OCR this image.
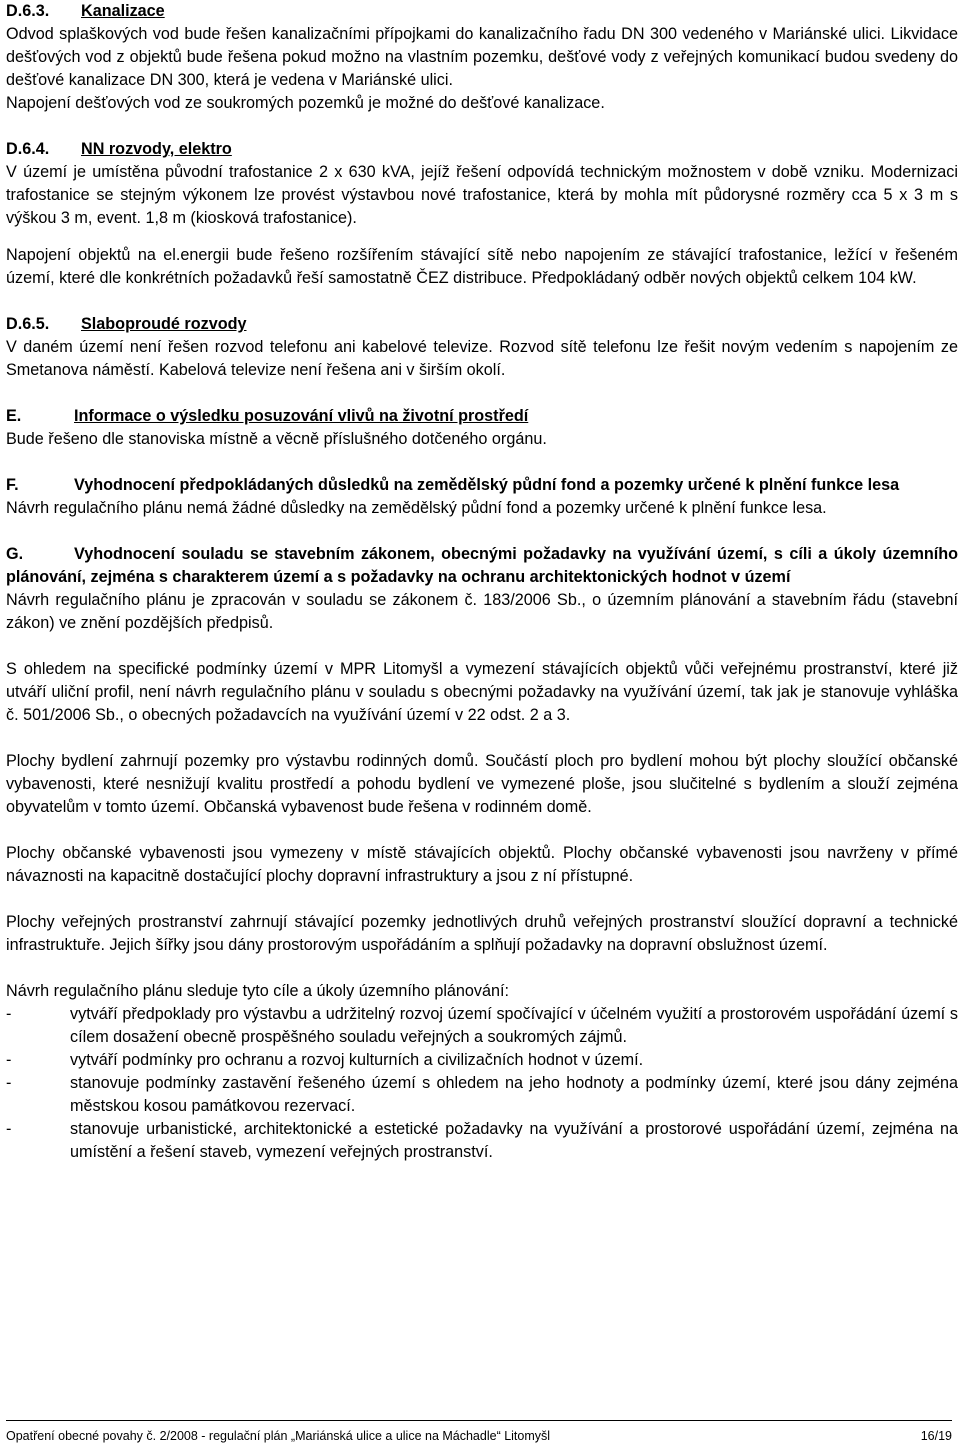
D.6.3. Kanalizace

Odvod splaškových vod bude řešen kanalizačními přípojkami do kanalizačního řadu DN 300 vedeného v Mariánské ulici. Likvidace dešťových vod z objektů bude řešena pokud možno na vlastním pozemku, dešťové vody z veřejných komunikací budou svedeny do dešťové kanalizace DN 300, která je vedena v Mariánské ulici.

Napojení dešťových vod ze soukromých pozemků je možné do dešťové kanalizace.

D.6.4. NN rozvody, elektro

V území je umístěna původní trafostanice 2 x 630 kVA, jejíž řešení odpovídá technickým možnostem v době vzniku. Modernizaci trafostanice se stejným výkonem lze provést výstavbou nové trafostanice, která by mohla mít půdorysné rozměry cca 5 x 3 m s výškou 3 m, event. 1,8 m (kiosková trafostanice).

Napojení objektů na el.energii bude řešeno rozšířením stávající sítě nebo napojením ze stávající trafostanice, ležící v řešeném území, které dle konkrétních požadavků řeší samostatně ČEZ distribuce. Předpokládaný odběr nových objektů celkem 104 kW.

D.6.5. Slaboproudé rozvody

V daném území není řešen rozvod telefonu ani kabelové televize. Rozvod sítě telefonu lze řešit novým vedením s napojením ze Smetanova náměstí. Kabelová televize není řešena ani v širším okolí.

E.	Informace o výsledku posuzování vlivů na životní prostředí

Bude řešeno dle stanoviska místně a věcně příslušného dotčeného orgánu.

F.	Vyhodnocení předpokládaných důsledků na zemědělský půdní fond a pozemky určené k plnění funkce lesa

Návrh regulačního plánu nemá žádné důsledky na zemědělský půdní fond a pozemky určené k plnění funkce lesa.

G.	Vyhodnocení souladu se stavebním zákonem, obecnými požadavky na využívání území, s cíli a úkoly územního plánování, zejména s charakterem území a s požadavky na ochranu architektonických hodnot v území

Návrh regulačního plánu je zpracován v souladu se zákonem č. 183/2006 Sb., o územním plánování a stavebním řádu (stavební zákon) ve znění pozdějších předpisů.

S ohledem na specifické podmínky území v MPR Litomyšl a vymezení stávajících objektů vůči veřejnému prostranství, které již utváří uliční profil, není návrh regulačního plánu v souladu s obecnými požadavky na využívání území, tak jak je stanovuje vyhláška č. 501/2006 Sb., o obecných požadavcích na využívání území v 22 odst. 2 a 3.

Plochy bydlení zahrnují pozemky pro výstavbu rodinných domů. Součástí ploch pro bydlení mohou být plochy sloužící občanské vybavenosti, které nesnižují kvalitu prostředí a pohodu bydlení ve vymezené ploše, jsou slučitelné s bydlením a slouží zejména obyvatelům v tomto území. Občanská vybavenost bude řešena v rodinném domě.

Plochy občanské vybavenosti jsou vymezeny v místě stávajících objektů. Plochy občanské vybavenosti jsou navrženy v přímé návaznosti na kapacitně dostačující plochy dopravní infrastruktury a jsou z ní přístupné.

Plochy veřejných prostranství zahrnují stávající pozemky jednotlivých druhů veřejných prostranství sloužící dopravní a technické infrastruktuře. Jejich šířky jsou dány prostorovým uspořádáním a splňují požadavky na dopravní obslužnost území.

Návrh regulačního plánu sleduje tyto cíle a úkoly územního plánování:

-	vytváří předpoklady pro výstavbu a udržitelný rozvoj území spočívající v účelném využití a prostorovém uspořádání území s cílem dosažení obecně prospěšného souladu veřejných a soukromých zájmů.
-	vytváří podmínky pro ochranu a rozvoj kulturních a civilizačních hodnot v území.
-	stanovuje podmínky zastavění řešeného území s ohledem na jeho hodnoty a podmínky území, které jsou dány zejména městskou kosou památkovou rezervací.
-	stanovuje urbanistické, architektonické a estetické požadavky na využívání a prostorové uspořádání území, zejména na umístění a řešení staveb, vymezení veřejných prostranství.
Opatření obecné povahy č. 2/2008 - regulační plán „Mariánská ulice a ulice na Máchadle“ Litomyšl	16/19
